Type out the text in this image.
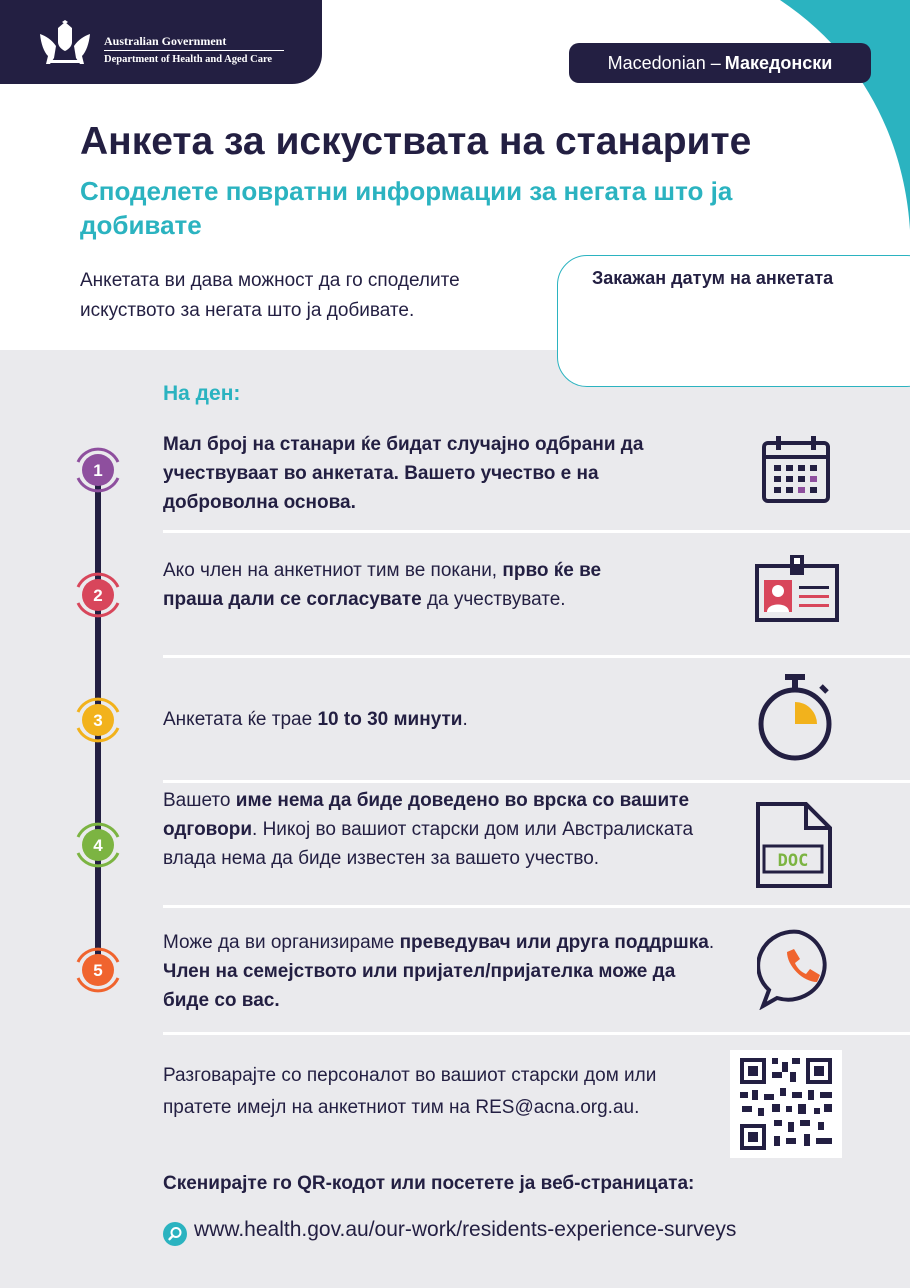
Australian Government
Department of Health and Aged Care	Macedonian – Македонски
Анкета за искуствата на станарите
Споделете повратни информации за негата што ја добивате
Анкетата ви дава можност да го споделите искуството за негата што ја добивате.
Закажан датум на анкетата
На ден:
1
2
3
4
5
Мал број на станари ќе бидат случајно одбрани да учествуваат во анкетата. Вашето учество е на доброволна основа.
Ако член на анкетниот тим ве покани, прво ќе ве праша дали се согласувате да учествувате.
Анкетата ќе трае 10 to 30 минути.
Вашето име нема да биде доведено во врска со вашите одговори. Никој во вашиот старски дом или Австралиската влада нема да биде известен за вашето учество.
Може да ви организираме преведувач или друга поддршка. Член на семејството или пријател/пријателка може да биде со вас.
DOC
Разговарајте со персоналот во вашиот старски дом или пратете имејл на анкетниот тим на RES@acna.org.au.
Скенирајте го QR-кодот или посетете ја веб-страницата:
www.health.gov.au/our-work/residents-experience-surveys
